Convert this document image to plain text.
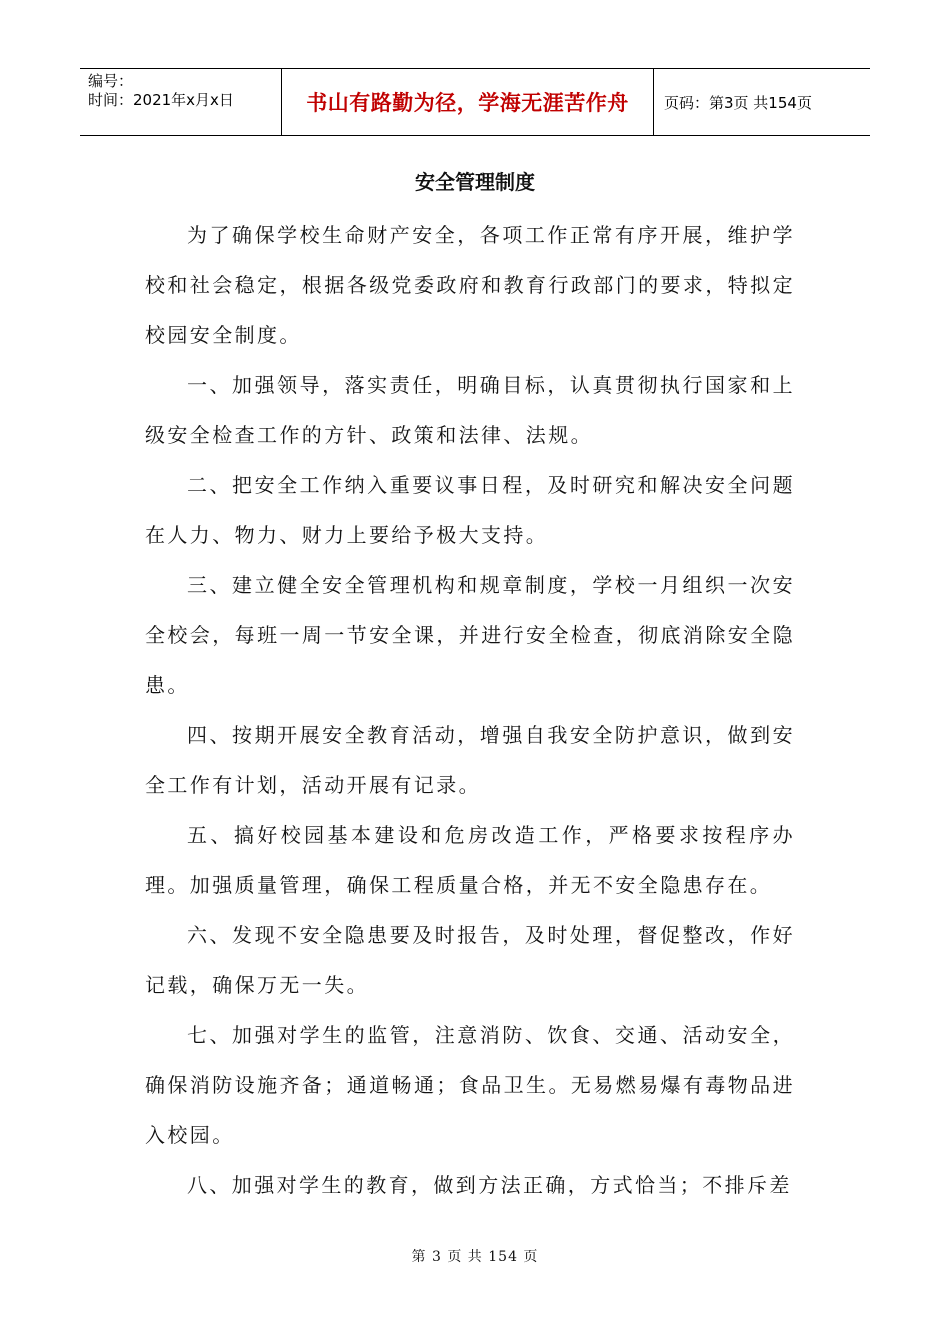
编号：
时间：2021年x月x日	书山有路勤为径，学海无涯苦作舟	页码：第3页 共154页
安全管理制度

为了确保学校生命财产安全，各项工作正常有序开展，维护学校和社会稳定，根据各级党委政府和教育行政部门的要求，特拟定校园安全制度。

一、加强领导，落实责任，明确目标，认真贯彻执行国家和上级安全检查工作的方针、政策和法律、法规。

二、把安全工作纳入重要议事日程，及时研究和解决安全问题在人力、物力、财力上要给予极大支持。

三、建立健全安全管理机构和规章制度，学校一月组织一次安全校会，每班一周一节安全课，并进行安全检查，彻底消除安全隐患。

四、按期开展安全教育活动，增强自我安全防护意识，做到安全工作有计划，活动开展有记录。

五、搞好校园基本建设和危房改造工作，严格要求按程序办理。加强质量管理，确保工程质量合格，并无不安全隐患存在。

六、发现不安全隐患要及时报告，及时处理，督促整改，作好记载，确保万无一失。

七、加强对学生的监管，注意消防、饮食、交通、活动安全，确保消防设施齐备；通道畅通；食品卫生。无易燃易爆有毒物品进入校园。

八、加强对学生的教育，做到方法正确，方式恰当；不排斥差

第 3 页 共 154 页
